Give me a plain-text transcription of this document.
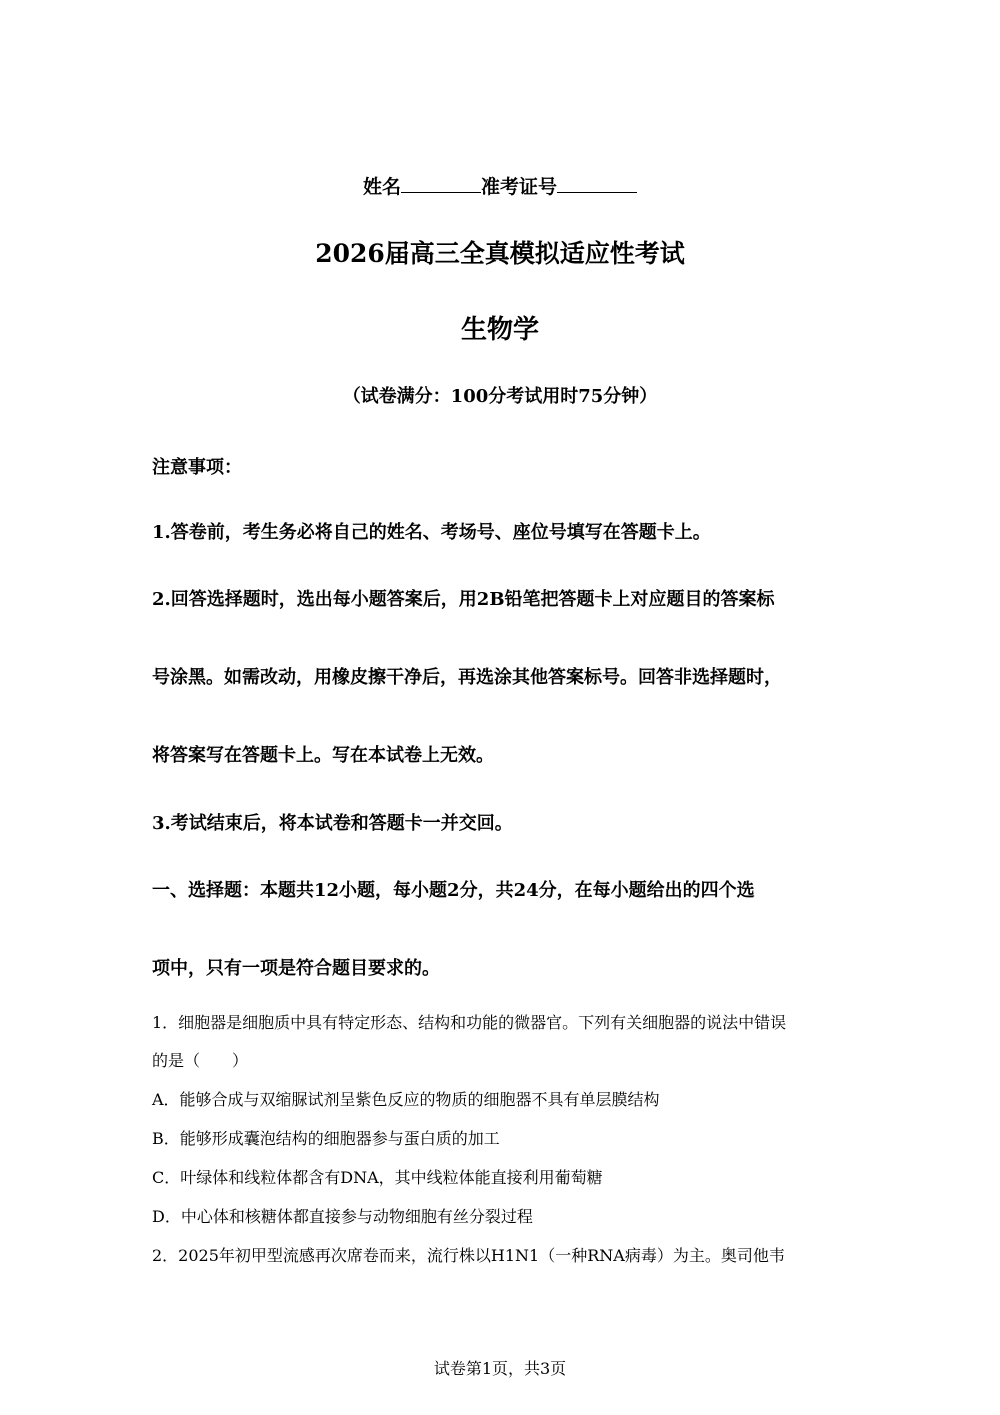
姓名	准考证号
2026届高三全真模拟适应性考试
生物学
（试卷满分：100分考试用时75分钟）
注意事项：
1.答卷前，考生务必将自己的姓名、考场号、座位号填写在答题卡上。
2.回答选择题时，选出每小题答案后，用2B铅笔把答题卡上对应题目的答案标
号涂黑。如需改动，用橡皮擦干净后，再选涂其他答案标号。回答非选择题时，
将答案写在答题卡上。写在本试卷上无效。
3.考试结束后，将本试卷和答题卡一并交回。
一、选择题：本题共12小题，每小题2分，共24分，在每小题给出的四个选
项中，只有一项是符合题目要求的。
1．细胞器是细胞质中具有特定形态、结构和功能的微器官。下列有关细胞器的说法中错误
的是（　　）
A．能够合成与双缩脲试剂呈紫色反应的物质的细胞器不具有单层膜结构
B．能够形成囊泡结构的细胞器参与蛋白质的加工
C．叶绿体和线粒体都含有DNA，其中线粒体能直接利用葡萄糖
D．中心体和核糖体都直接参与动物细胞有丝分裂过程
2．2025年初甲型流感再次席卷而来，流行株以H1N1（一种RNA病毒）为主。奥司他韦
试卷第1页，共3页
